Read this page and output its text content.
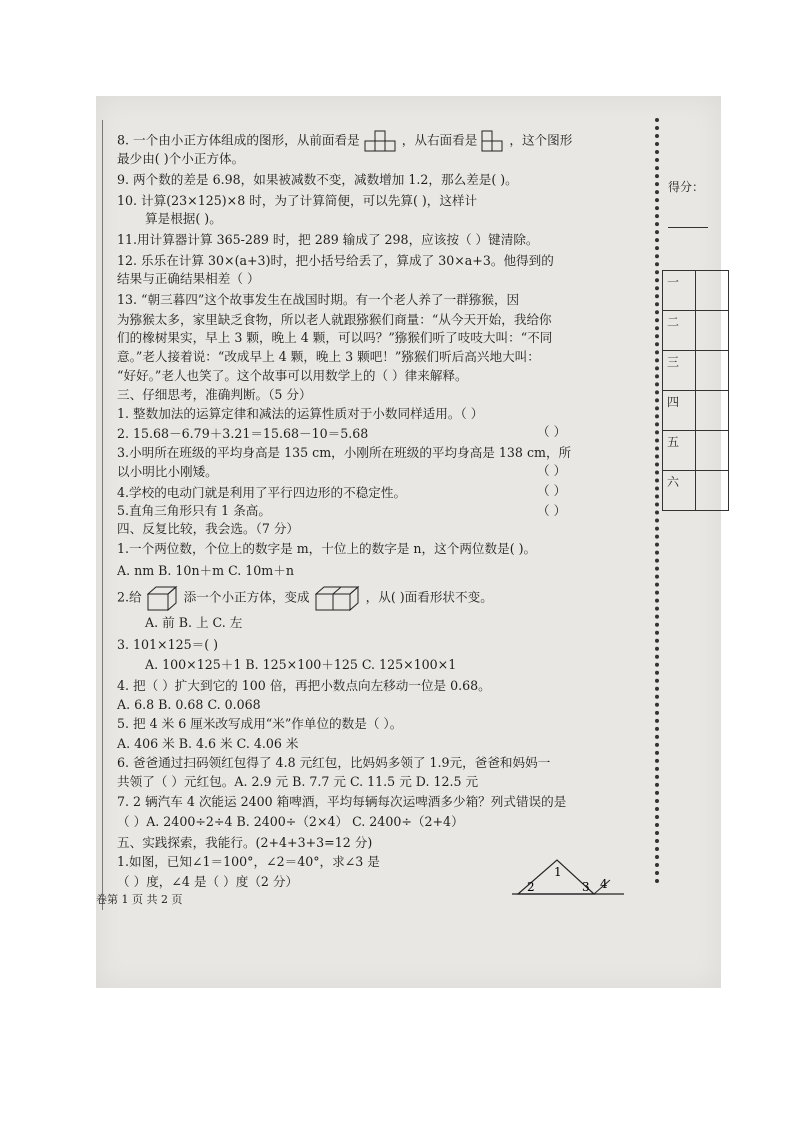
8. 一个由小正方体组成的图形，从前面看是	，从右面看是	，这个图形
最少由( )个小正方体。
9. 两个数的差是 6.98，如果被减数不变，减数增加 1.2，那么差是( )。
10. 计算(23×125)×8 时，为了计算简便，可以先算( )，这样计
算是根据( )。
11.用计算器计算 365-289 时，把 289 输成了 298，应该按（ ）键清除。
12. 乐乐在计算 30×(a+3)时，把小括号给丢了，算成了 30×a+3。他得到的
结果与正确结果相差（ ）
13. “朝三暮四”这个故事发生在战国时期。有一个老人养了一群猕猴，因
为猕猴太多，家里缺乏食物，所以老人就跟猕猴们商量：“从今天开始，我给你
们的橡树果实，早上 3 颗，晚上 4 颗，可以吗？”猕猴们听了吱吱大叫：“不同
意。”老人接着说：“改成早上 4 颗，晚上 3 颗吧！”猕猴们听后高兴地大叫：
“好好。”老人也笑了。这个故事可以用数学上的（ ）律来解释。
三、仔细思考，准确判断。（5 分）
1. 整数加法的运算定律和减法的运算性质对于小数同样适用。（ ）
2. 15.68－6.79＋3.21＝15.68－10＝5.68	（ ）
3.小明所在班级的平均身高是 135 cm，小刚所在班级的平均身高是 138 cm，所
以小明比小刚矮。	（ ）
4.学校的电动门就是利用了平行四边形的不稳定性。	（ ）
5.直角三角形只有 1 条高。	（ ）
四、反复比较，我会选。（7 分）
1.一个两位数，个位上的数字是 m，十位上的数字是 n，这个两位数是( )。
A. nm B. 10n＋m C. 10m＋n
2.给	添一个小正方体，变成	，从( )面看形状不变。
A. 前 B. 上 C. 左
3. 101×125＝( )
A. 100×125＋1 B. 125×100＋125 C. 125×100×1
4. 把（ ）扩大到它的 100 倍，再把小数点向左移动一位是 0.68。
A. 6.8 B. 0.68 C. 0.068
5. 把 4 米 6 厘米改写成用“米”作单位的数是（ ）。
A. 406 米 B. 4.6 米 C. 4.06 米
6. 爸爸通过扫码领红包得了 4.8 元红包，比妈妈多领了 1.9元，爸爸和妈妈一
共领了（ ）元红包。A. 2.9 元 B. 7.7 元 C. 11.5 元 D. 12.5 元
7. 2 辆汽车 4 次能运 2400 箱啤酒，平均每辆每次运啤酒多少箱？列式错误的是
（ ）A. 2400÷2÷4 B. 2400÷（2×4） C. 2400÷（2+4）
五、实践探索，我能行。(2+4+3+3=12 分)
1.如图，已知∠1＝100°，∠2＝40°，求∠3 是
（ ）度，∠4 是（ ）度（2 分）
1
2	3 4
得分：
一	
二	
三	
四	
五	
六	
卷第 1 页 共 2 页
